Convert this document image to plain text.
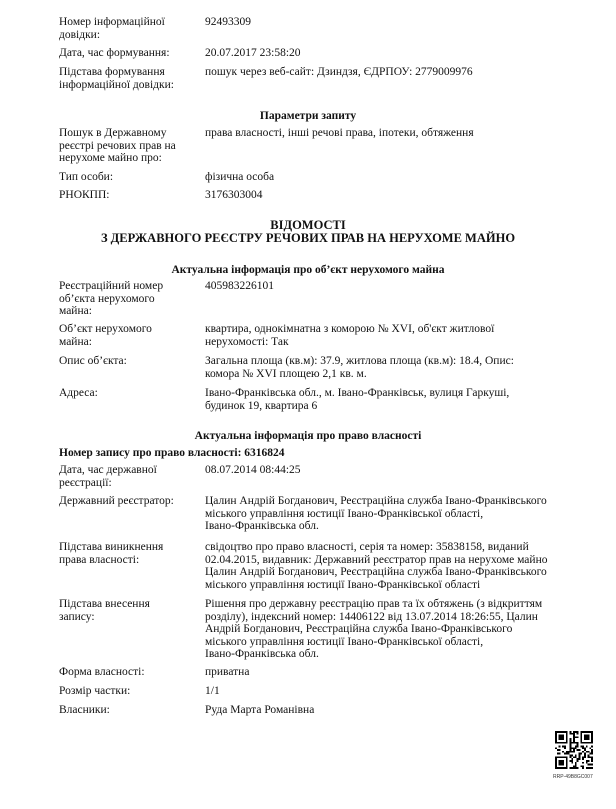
Номер інформаційної
довідки:
92493309
Дата, час формування:	20.07.2017 23:58:20
Підстава формування
інформаційної довідки:
пошук через веб-сайт: Дзиндзя, ЄДРПОУ: 2779009976
Параметри запиту
Пошук в Державному
реєстрі речових прав на
нерухоме майно про:
права власності, інші речові права, іпотеки, обтяження
Тип особи:	фізична особа
РНОКПП:	3176303004
ВІДОМОСТІ
З ДЕРЖАВНОГО РЕЄСТРУ РЕЧОВИХ ПРАВ НА НЕРУХОМЕ МАЙНО
Актуальна інформація про об’єкт нерухомого майна
Реєстраційний номер
об’єкта нерухомого
майна:
405983226101
Об’єкт нерухомого
майна:
квартира, однокімнатна з коморою № XVI, об'єкт житлової
нерухомості: Так
Опис об’єкта:	Загальна площа (кв.м): 37.9, житлова площа (кв.м): 18.4, Опис:
комора № XVI площею 2,1 кв. м.
Адреса:	Івано-Франківська обл., м. Івано-Франківськ, вулиця Гаркуші,
будинок 19, квартира 6
Актуальна інформація про право власності
Номер запису про право власності: 6316824
Дата, час державної
реєстрації:
08.07.2014 08:44:25
Державний реєстратор:	Цалин Андрій Богданович, Реєстраційна служба Івано-Франківського
міського управління юстиції Івано-Франківської області,
Івано-Франківська обл.
Підстава виникнення
права власності:
свідоцтво про право власності, серія та номер: 35838158, виданий
02.04.2015, видавник: Державний реєстратор прав на нерухоме майно
Цалин Андрій Богданович, Реєстраційна служба Івано-Франківського
міського управління юстиції Івано-Франківської області
Підстава внесення
запису:
Рішення про державну реєстрацію прав та їх обтяжень (з відкриттям
розділу), індексний номер: 14406122 від 13.07.2014 18:26:55, Цалин
Андрій Богданович, Реєстраційна служба Івано-Франківського
міського управління юстиції Івано-Франківської області,
Івано-Франківська обл.
Форма власності:	приватна
Розмір частки:	1/1
Власники:	Руда Марта Романівна
RRP-49B8GC007
